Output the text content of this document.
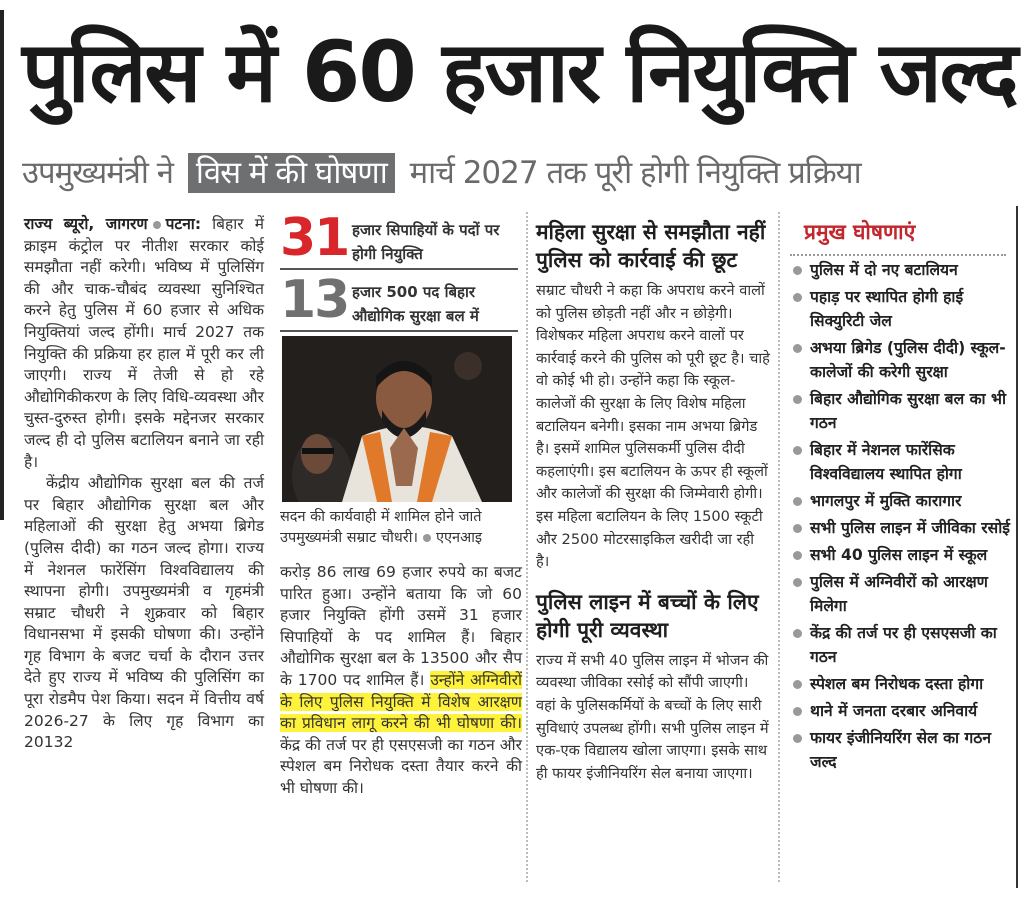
पुलिस में 60 हजार नियुक्ति जल्द
उपमुख्यमंत्री ने विस में की घोषणा मार्च 2027 तक पूरी होगी नियुक्ति प्रक्रिया

राज्य ब्यूरो, जागरण पटना: बिहार में क्राइम कंट्रोल पर नीतीश सरकार कोई समझौता नहीं करेगी। भविष्य में पुलिसिंग की और चाक-चौबंद व्यवस्था सुनिश्चित करने हेतु पुलिस में 60 हजार से अधिक नियुक्तियां जल्द होंगी। मार्च 2027 तक नियुक्ति की प्रक्रिया हर हाल में पूरी कर ली जाएगी। राज्य में तेजी से हो रहे औद्योगिकीकरण के लिए विधि-व्यवस्था और चुस्त-दुरुस्त होगी। इसके मद्देनजर सरकार जल्द ही दो पुलिस बटालियन बनाने जा रही है।

केंद्रीय औद्योगिक सुरक्षा बल की तर्ज पर बिहार औद्योगिक सुरक्षा बल और महिलाओं की सुरक्षा हेतु अभया ब्रिगेड (पुलिस दीदी) का गठन जल्द होगा। राज्य में नेशनल फारेंसिंग विश्वविद्यालय की स्थापना होगी। उपमुख्यमंत्री व गृहमंत्री सम्राट चौधरी ने शुक्रवार को बिहार विधानसभा में इसकी घोषणा की। उन्होंने गृह विभाग के बजट चर्चा के दौरान उत्तर देते हुए राज्य में भविष्य की पुलिसिंग का पूरा रोडमैप पेश किया। सदन में वित्तीय वर्ष 2026-27 के लिए गृह विभाग का 20132

31 हजार सिपाहियों के पदों पर होगी नियुक्ति
13 हजार 500 पद बिहार औद्योगिक सुरक्षा बल में
सदन की कार्यवाही में शामिल होने जाते उपमुख्यमंत्री सम्राट चौधरी। एएनआइ

करोड़ 86 लाख 69 हजार रुपये का बजट पारित हुआ। उन्होंने बताया कि जो 60 हजार नियुक्ति होंगी उसमें 31 हजार सिपाहियों के पद शामिल हैं। बिहार औद्योगिक सुरक्षा बल के 13500 और सैप के 1700 पद शामिल हैं। उन्होंने अग्निवीरों के लिए पुलिस नियुक्ति में विशेष आरक्षण का प्रविधान लागू करने की भी घोषणा की। केंद्र की तर्ज पर ही एसएसजी का गठन और स्पेशल बम निरोधक दस्ता तैयार करने की भी घोषणा की।

महिला सुरक्षा से समझौता नहीं पुलिस को कार्रवाई की छूट

सम्राट चौधरी ने कहा कि अपराध करने वालों को पुलिस छोड़ती नहीं और न छोड़ेगी। विशेषकर महिला अपराध करने वालों पर कार्रवाई करने की पुलिस को पूरी छूट है। चाहे वो कोई भी हो। उन्होंने कहा कि स्कूल-कालेजों की सुरक्षा के लिए विशेष महिला बटालियन बनेगी। इसका नाम अभया ब्रिगेड है। इसमें शामिल पुलिसकर्मी पुलिस दीदी कहलाएंगी। इस बटालियन के ऊपर ही स्कूलों और कालेजों की सुरक्षा की जिम्मेवारी होगी। इस महिला बटालियन के लिए 1500 स्कूटी और 2500 मोटरसाइकिल खरीदी जा रही है।

पुलिस लाइन में बच्चों के लिए होगी पूरी व्यवस्था

राज्य में सभी 40 पुलिस लाइन में भोजन की व्यवस्था जीविका रसोई को सौंपी जाएगी। वहां के पुलिसकर्मियों के बच्चों के लिए सारी सुविधाएं उपलब्ध होंगी। सभी पुलिस लाइन में एक-एक विद्यालय खोला जाएगा। इसके साथ ही फायर इंजीनियरिंग सेल बनाया जाएगा।

प्रमुख घोषणाएं
पुलिस में दो नए बटालियन
पहाड़ पर स्थापित होगी हाई सिक्युरिटी जेल
अभया ब्रिगेड (पुलिस दीदी) स्कूल-कालेजों की करेगी सुरक्षा
बिहार औद्योगिक सुरक्षा बल का भी गठन
बिहार में नेशनल फारेंसिक विश्वविद्यालय स्थापित होगा
भागलपुर में मुक्ति कारागार
सभी पुलिस लाइन में जीविका रसोई
सभी 40 पुलिस लाइन में स्कूल
पुलिस में अग्निवीरों को आरक्षण मिलेगा
केंद्र की तर्ज पर ही एसएसजी का गठन
स्पेशल बम निरोधक दस्ता होगा
थाने में जनता दरबार अनिवार्य
फायर इंजीनियरिंग सेल का गठन जल्द
